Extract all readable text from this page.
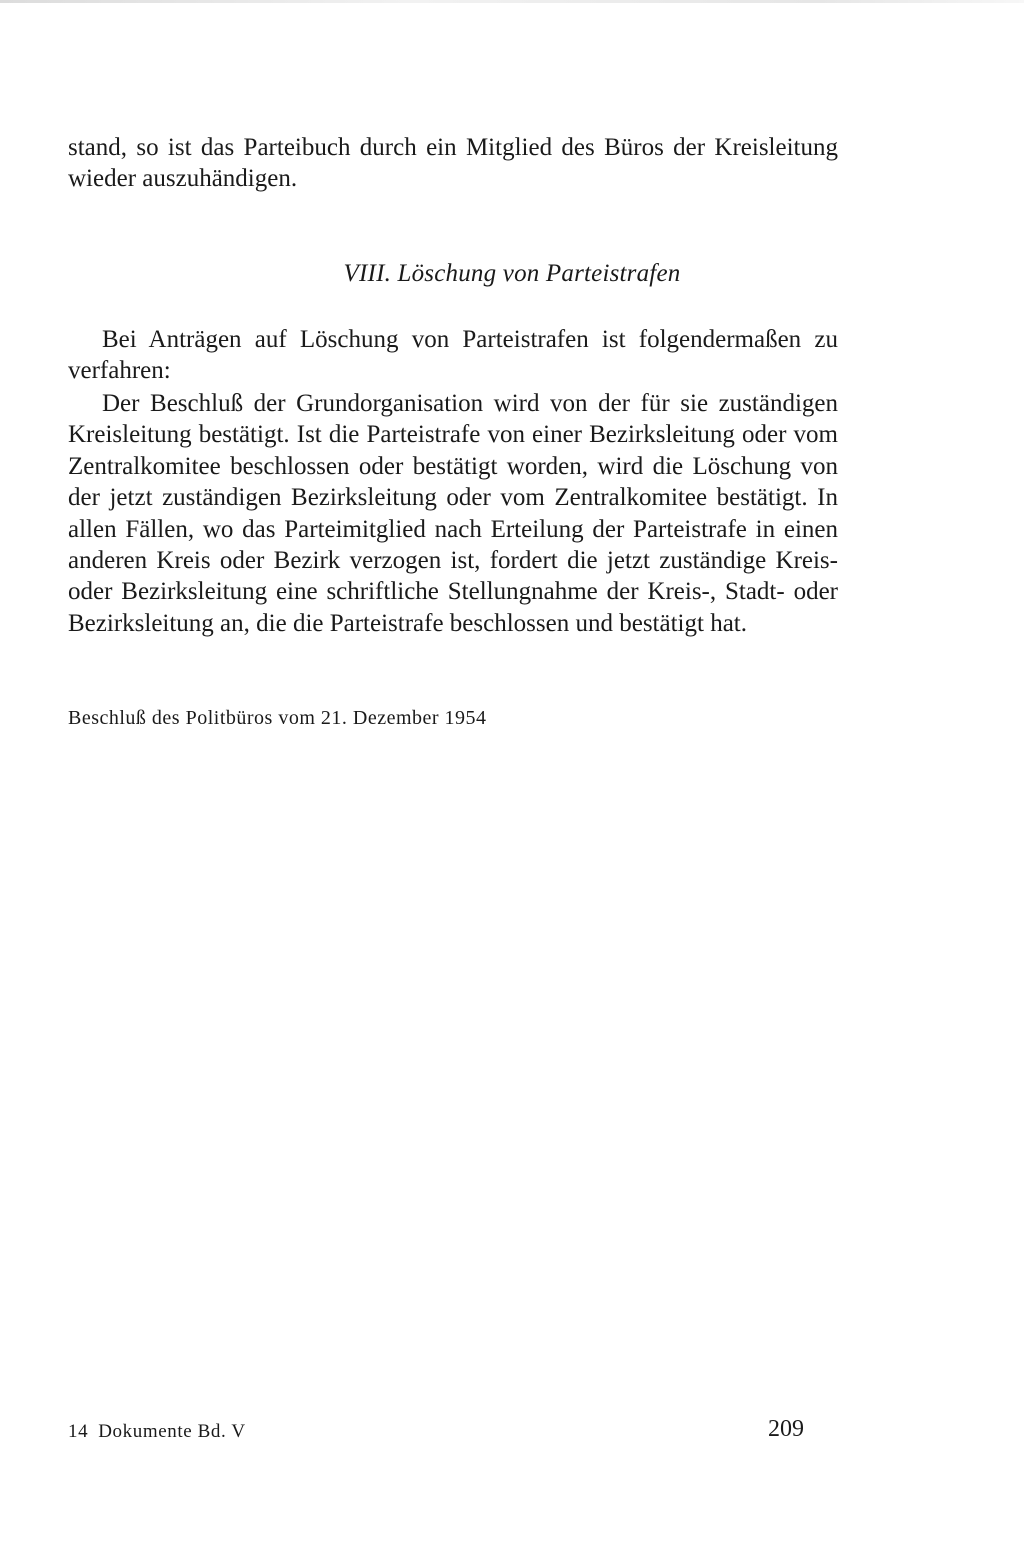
stand, so ist das Parteibuch durch ein Mitglied des Büros der Kreisleitung wieder auszuhändigen.

VIII. Löschung von Parteistrafen

Bei Anträgen auf Löschung von Parteistrafen ist folgendermaßen zu verfahren:

Der Beschluß der Grundorganisation wird von der für sie zuständigen Kreisleitung bestätigt. Ist die Parteistrafe von einer Bezirksleitung oder vom Zentralkomitee beschlossen oder bestätigt worden, wird die Löschung von der jetzt zuständigen Bezirksleitung oder vom Zentralkomitee bestätigt. In allen Fällen, wo das Parteimitglied nach Erteilung der Parteistrafe in einen anderen Kreis oder Bezirk verzogen ist, fordert die jetzt zuständige Kreis- oder Bezirksleitung eine schriftliche Stellungnahme der Kreis-, Stadt- oder Bezirksleitung an, die die Parteistrafe beschlossen und bestätigt hat.

Beschluß des Politbüros vom 21. Dezember 1954

14 Dokumente Bd. V	209
